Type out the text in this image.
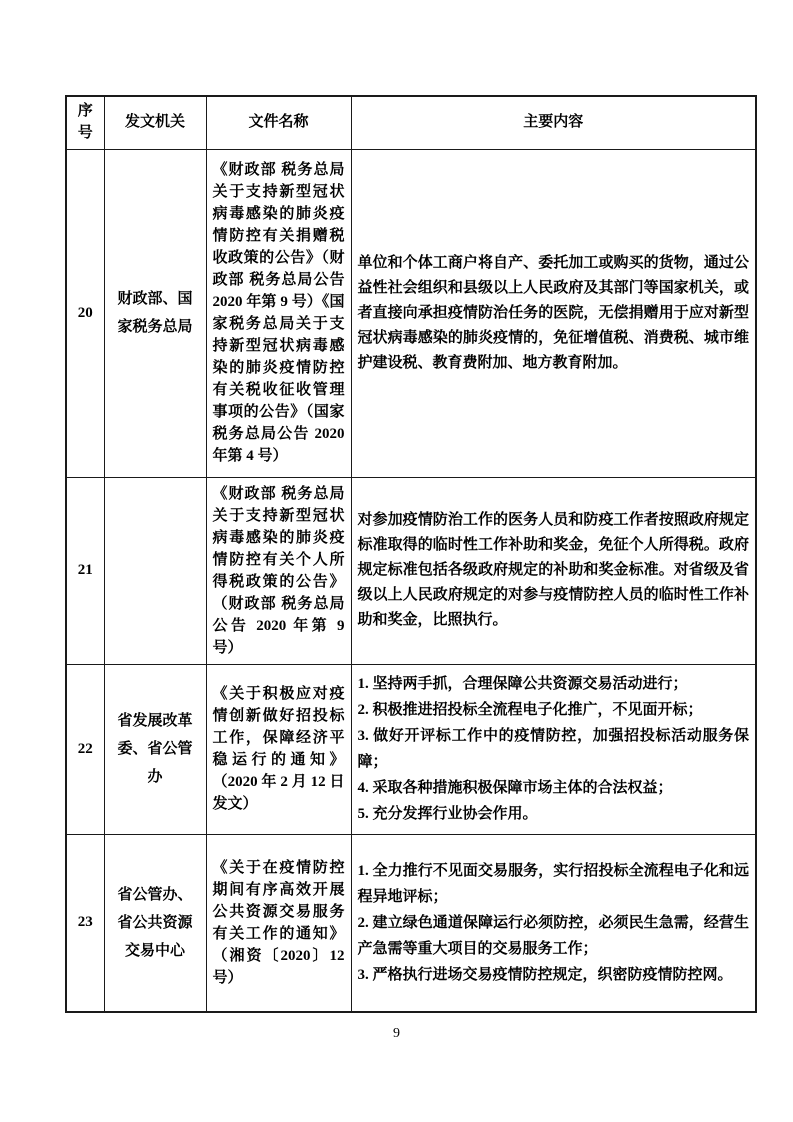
序号	发文机关	文件名称	主要内容
20	财政部、国家税务总局	《财政部 税务总局关于支持新型冠状病毒感染的肺炎疫情防控有关捐赠税收政策的公告》（财政部 税务总局公告 2020 年第 9 号）《国家税务总局关于支持新型冠状病毒感染的肺炎疫情防控有关税收征收管理事项的公告》（国家税务总局公告 2020 年第 4 号）	单位和个体工商户将自产、委托加工或购买的货物，通过公益性社会组织和县级以上人民政府及其部门等国家机关，或者直接向承担疫情防治任务的医院，无偿捐赠用于应对新型冠状病毒感染的肺炎疫情的，免征增值税、消费税、城市维护建设税、教育费附加、地方教育附加。
21		《财政部 税务总局关于支持新型冠状病毒感染的肺炎疫情防控有关个人所得税政策的公告》（财政部 税务总局公告 2020 年第 9 号）	对参加疫情防治工作的医务人员和防疫工作者按照政府规定标准取得的临时性工作补助和奖金，免征个人所得税。政府规定标准包括各级政府规定的补助和奖金标准。对省级及省级以上人民政府规定的对参与疫情防控人员的临时性工作补助和奖金，比照执行。
22	省发展改革委、省公管办	《关于积极应对疫情创新做好招投标工作，保障经济平稳运行的通知》（2020 年 2 月 12 日发文）	1. 坚持两手抓，合理保障公共资源交易活动进行；
2. 积极推进招投标全流程电子化推广，不见面开标；
3. 做好开评标工作中的疫情防控，加强招投标活动服务保障；
4. 采取各种措施积极保障市场主体的合法权益；
5. 充分发挥行业协会作用。

23	省公管办、省公共资源交易中心	《关于在疫情防控期间有序高效开展公共资源交易服务有关工作的通知》（湘资〔2020〕12 号）	1. 全力推行不见面交易服务，实行招投标全流程电子化和远程异地评标；
2. 建立绿色通道保障运行必须防控，必须民生急需，经营生产急需等重大项目的交易服务工作；
3. 严格执行进场交易疫情防控规定，织密防疫情防控网。
9
